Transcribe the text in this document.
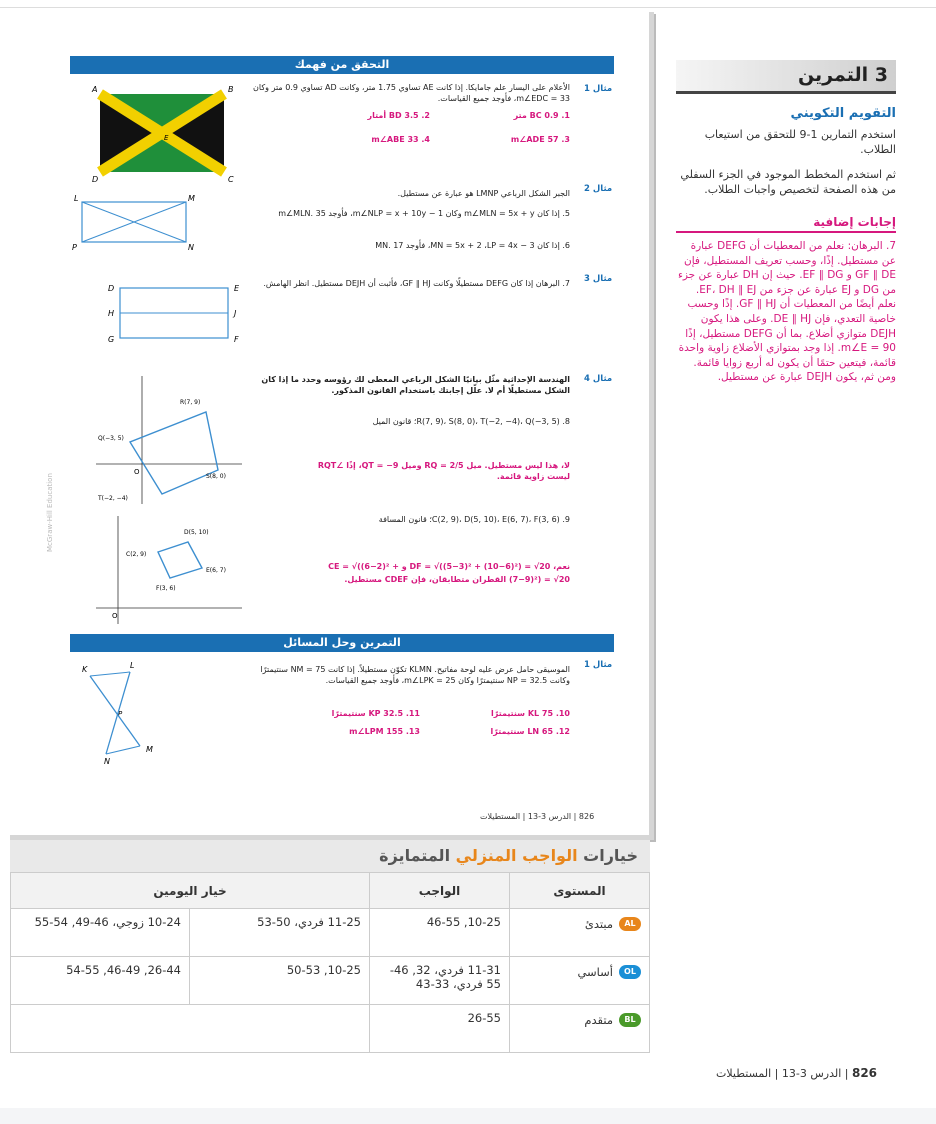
التحقق من فهمك
مثال 1
A	B
D	C
E
الأعلام على اليسار علم جامايكا. إذا كانت AE تساوي 1.75 متر، وكانت AD تساوي 0.9 متر وكان m∠EDC = 33، فأوجد جميع القياسات.
1. BC 0.9 متر
2. BD 3.5 أمتار
3. m∠ADE 57
4. m∠ABE 33
مثال 2
L	M
P	N
الجبر الشكل الرباعي LMNP هو عبارة عن مستطيل.
5. إذا كان m∠MLN = 5x + y وكان m∠NLP = x + 10y − 1، فأوجد m∠MLN. 35
6. إذا كان MN = 5x + 2 ،LP = 4x − 3، فأوجد MN. 17
مثال 3
D	E
H	J
G	F
7. البرهان إذا كان DEFG مستطيلًا وكانت GF ∥ HJ، فأثبت أن DEJH مستطيل. انظر الهامش.
مثال 4
R(7, 9)
S(8, 0)
Q(−3, 5)
T(−2, −4)
O
الهندسة الإحداثية مثّل بيانيًا الشكل الرباعي المعطى لك رؤوسه وحدد ما إذا كان الشكل مستطيلًا أم لا. علّل إجابتك باستخدام القانون المذكور.
8. R(7, 9)، S(8, 0)، T(−2, −4)، Q(−3, 5)؛ قانون الميل
لا، هذا ليس مستطيل. ميل RQ = 2/5 وميل QT = −9، إذًا ∠RQT ليست زاوية قائمة.
D(5, 10)
C(2, 9)
E(6, 7)
F(3, 6)
O
9. C(2, 9)، D(5, 10)، E(6, 7)، F(3, 6)؛ قانون المسافة
نعم، DF = √((5−3)² + (10−6)²) = √20 و CE = √((6−2)² + (7−9)²) = √20 القطران متطابقان، فإن CDEF مستطيل.
التمرين وحل المسائل
مثال 1
K	L
M
N
P
الموسيقى حامل عرض عليه لوحة مفاتيح. KLMN تكوّن مستطيلاً. إذا كانت NM = 75 سنتيمترًا وكانت NP = 32.5 سنتيمترًا وكان m∠LPK = 25، فأوجد جميع القياسات.
10. KL 75 سنتيمترًا
11. KP 32.5 سنتيمترًا
12. LN 65 سنتيمترًا
13. m∠LPM 155
McGraw-Hill Education
826 | الدرس 3-13 | المستطيلات
3 التمرين
التقويم التكويني
استخدم التمارين 1-9 للتحقق من استيعاب الطلاب.
ثم استخدم المخطط الموجود في الجزء السفلي من هذه الصفحة لتخصيص واجبات الطلاب.
إجابات إضافية
7. البرهان: نعلم من المعطيات أن DEFG عبارة عن مستطيل. إذًا، وحسب تعريف المستطيل، فإن GF ∥ DE و EF ∥ DG. حيث إن DH عبارة عن جزء من DG و EJ عبارة عن جزء من EF، DH ∥ EJ. نعلم أيضًا من المعطيات أن GF ∥ HJ. إذًا وحسب خاصية التعدي، فإن DE ∥ HJ. وعلى هذا يكون DEJH متوازي أضلاع. بما أن DEFG مستطيل، إذًا m∠E = 90. إذا وجد بمتوازي الأضلاع زاوية واحدة قائمة، فيتعين حتمًا أن يكون له أربع زوايا قائمة. ومن ثم، يكون DEJH عبارة عن مستطيل.
خيارات الواجب المنزلي المتمايزة
المستوى	الواجب	خيار اليومين	

AL
مبتدئ	10-25, 46-55	11-25 فردي، 50-53	10-24 زوجي، 46-49, 54-55

OL
أساسي	11-31 فردي، 32, 46-55 فردي، 33-43	10-25, 50-53	26-44, 46-49, 54-55

BL
متقدم	26-55		
826 | الدرس 3-13 | المستطيلات
